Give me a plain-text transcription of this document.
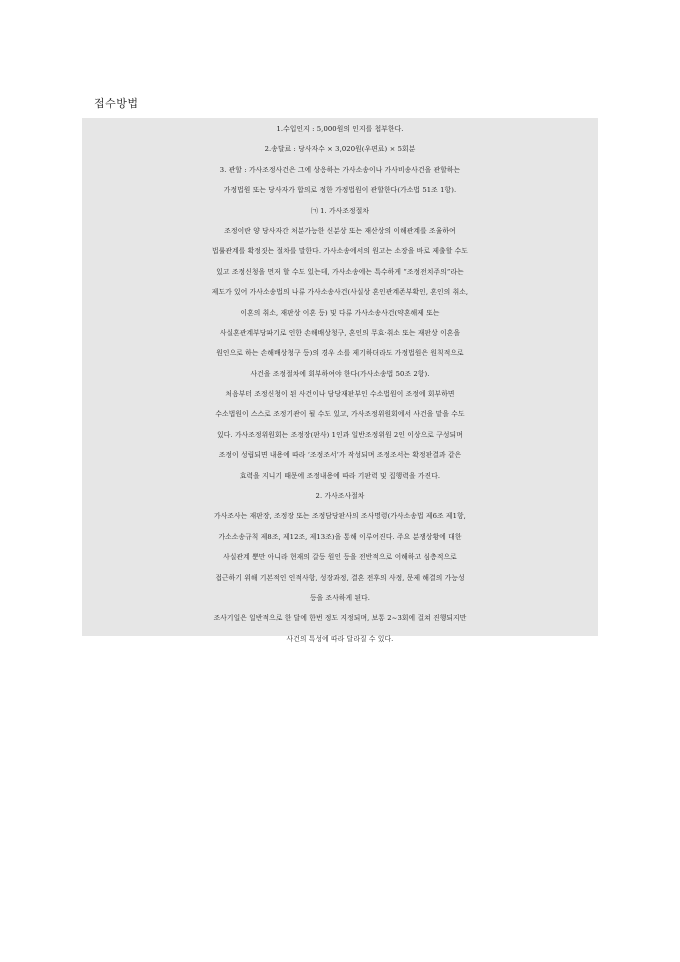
접수방법
1.수입인지 : 5,000원의 인지를 첩부한다.
2.송달료 : 당사자수 × 3,020원(우편료) × 5회분
3. 관할 : 가사조정사건은 그에 상응하는 가사소송이나 가사비송사건을 관할하는
가정법원 또는 당사자가 합의로 정한 가정법원이 관할한다(가소법 51조 1항).
㈀ 1. 가사조정절차
조정이란 양 당사자간 처분가능한 신분상 또는 재산상의 이해관계를 조율하여
법률관계를 확정짓는 절차를 말한다. 가사소송에서의 원고는 소장을 바로 제출할 수도
있고 조정신청을 먼저 할 수도 있는데, 가사소송에는 특수하게 “조정전치주의”라는
제도가 있어 가사소송법의 나류 가사소송사건(사실상 혼인관계존부확인, 혼인의 취소,
이혼의 취소, 재판상 이혼 등) 및 다류 가사소송사건(약혼해제 또는
사실혼관계부당파기로 인한 손해배상청구, 혼인의 무효·취소 또는 재판상 이혼을
원인으로 하는 손해배상청구 등)의 경우 소를 제기하더라도 가정법원은 원칙적으로
사건을 조정절차에 회부하여야 한다(가사소송법 50조 2항).
처음부터 조정신청이 된 사건이나 담당재판부인 수소법원이 조정에 회부하면
수소법원이 스스로 조정기관이 될 수도 있고, 가사조정위원회에서 사건을 맡을 수도
있다. 가사조정위원회는 조정장(판사) 1인과 일반조정위원 2인 이상으로 구성되며
조정이 성립되면 내용에 따라 ‘조정조서’가 작성되며 조정조서는 확정판결과 같은
효력을 지니기 때문에 조정내용에 따라 기판력 및 집행력을 가진다.
2. 가사조사절차
가사조사는 재판장, 조정장 또는 조정담당판사의 조사명령(가사소송법 제6조 제1항,
가소소송규칙 제8조, 제12조, 제13조)을 통해 이루어진다. 주요 분쟁상황에 대한
사실관계 뿐만 아니라 현재의 갈등 원인 등을 전반적으로 이해하고 심층적으로
접근하기 위해 기본적인 인적사항, 성장과정, 결혼 전후의 사정, 문제 해결의 가능성
등을 조사하게 된다.
조사기일은 일반적으로 한 달에 한번 정도 지정되며, 보통 2~3회에 걸쳐 진행되지만
사건의 특성에 따라 달라질 수 있다.
